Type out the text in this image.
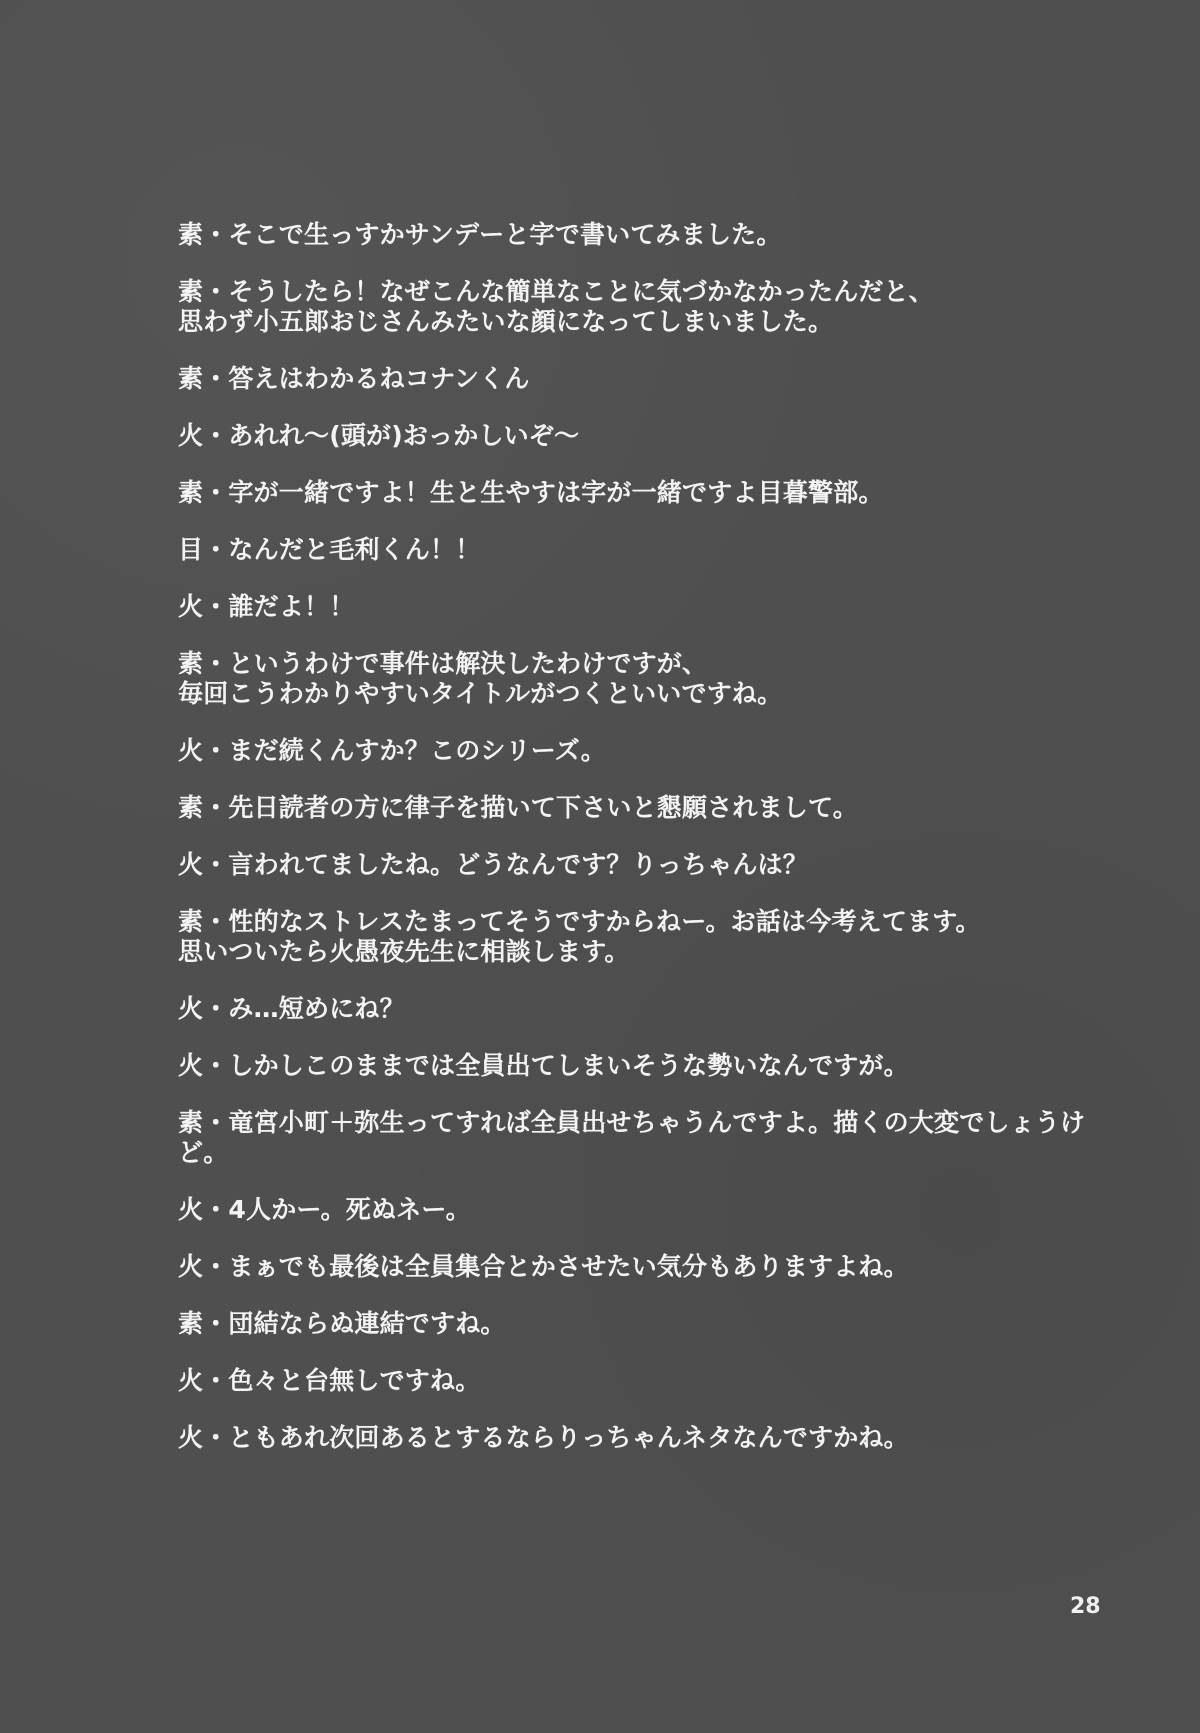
素・そこで生っすかサンデーと字で書いてみました。
素・そうしたら！なぜこんな簡単なことに気づかなかったんだと、
思わず小五郎おじさんみたいな顔になってしまいました。
素・答えはわかるねコナンくん
火・あれれ〜(頭が)おっかしいぞ〜
素・字が一緒ですよ！生と生やすは字が一緒ですよ目暮警部。
目・なんだと毛利くん！！
火・誰だよ！！
素・というわけで事件は解決したわけですが、
毎回こうわかりやすいタイトルがつくといいですね。
火・まだ続くんすか？このシリーズ。
素・先日読者の方に律子を描いて下さいと懇願されまして。
火・言われてましたね。どうなんです？りっちゃんは？
素・性的なストレスたまってそうですからねー。お話は今考えてます。
思いついたら火愚夜先生に相談します。
火・み…短めにね？
火・しかしこのままでは全員出てしまいそうな勢いなんですが。
素・竜宮小町＋弥生ってすれば全員出せちゃうんですよ。描くの大変でしょうけど。
火・4人かー。死ぬネー。
火・まぁでも最後は全員集合とかさせたい気分もありますよね。
素・団結ならぬ連結ですね。
火・色々と台無しですね。
火・ともあれ次回あるとするならりっちゃんネタなんですかね。
28
